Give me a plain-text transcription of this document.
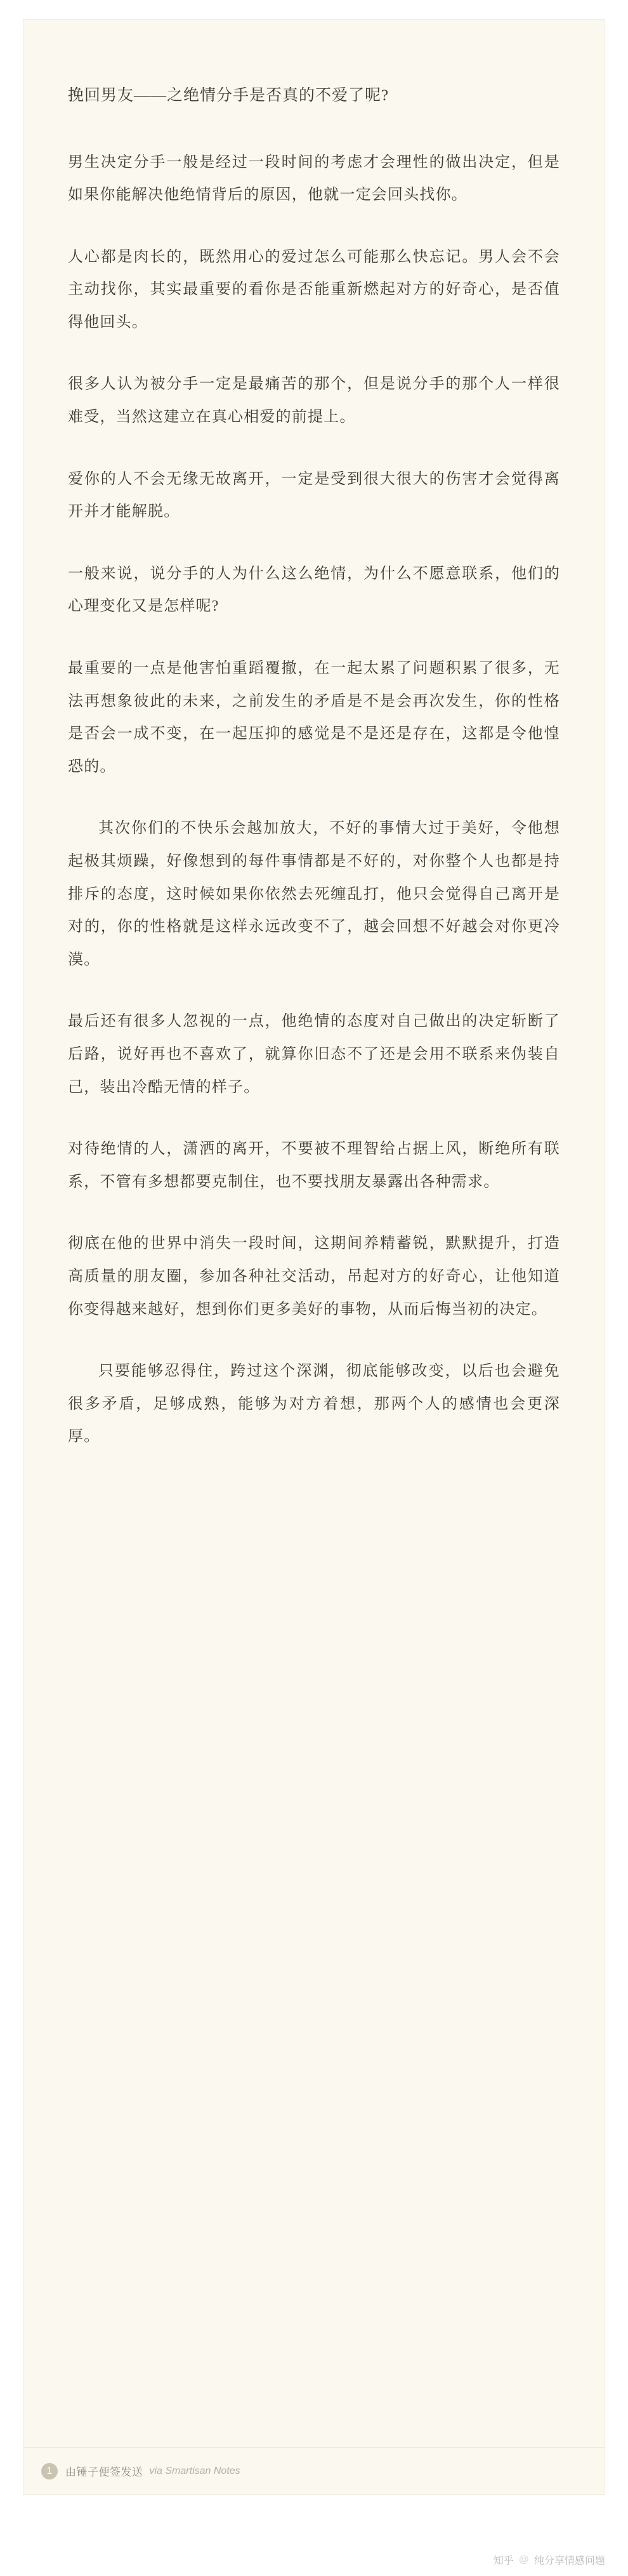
挽回男友——之绝情分手是否真的不爱了呢?
男生决定分手一般是经过一段时间的考虑才会理性的做出决定，但是如果你能解决他绝情背后的原因，他就一定会回头找你。
人心都是肉长的，既然用心的爱过怎么可能那么快忘记。男人会不会主动找你，其实最重要的看你是否能重新燃起对方的好奇心，是否值得他回头。
很多人认为被分手一定是最痛苦的那个，但是说分手的那个人一样很难受，当然这建立在真心相爱的前提上。
爱你的人不会无缘无故离开，一定是受到很大很大的伤害才会觉得离开并才能解脱。
一般来说，说分手的人为什么这么绝情，为什么不愿意联系，他们的心理变化又是怎样呢?
最重要的一点是他害怕重蹈覆撤，在一起太累了问题积累了很多，无法再想象彼此的未来，之前发生的矛盾是不是会再次发生，你的性格是否会一成不变，在一起压抑的感觉是不是还是存在，这都是令他惶恐的。
其次你们的不快乐会越加放大，不好的事情大过于美好，令他想起极其烦躁，好像想到的每件事情都是不好的，对你整个人也都是持排斥的态度，这时候如果你依然去死缠乱打，他只会觉得自己离开是对的，你的性格就是这样永远改变不了，越会回想不好越会对你更冷漠。
最后还有很多人忽视的一点，他绝情的态度对自己做出的决定斩断了后路，说好再也不喜欢了，就算你旧态不了还是会用不联系来伪装自己，装出冷酷无情的样子。
对待绝情的人，潇洒的离开，不要被不理智给占据上风，断绝所有联系，不管有多想都要克制住，也不要找朋友暴露出各种需求。
彻底在他的世界中消失一段时间，这期间养精蓄锐，默默提升，打造高质量的朋友圈，参加各种社交活动，吊起对方的好奇心，让他知道你变得越来越好，想到你们更多美好的事物，从而后悔当初的决定。
只要能够忍得住，跨过这个深渊，彻底能够改变，以后也会避免很多矛盾，足够成熟，能够为对方着想，那两个人的感情也会更深厚。
1	由锤子便签发送 via Smartisan Notes
知乎 @ 纯分享情感问题
